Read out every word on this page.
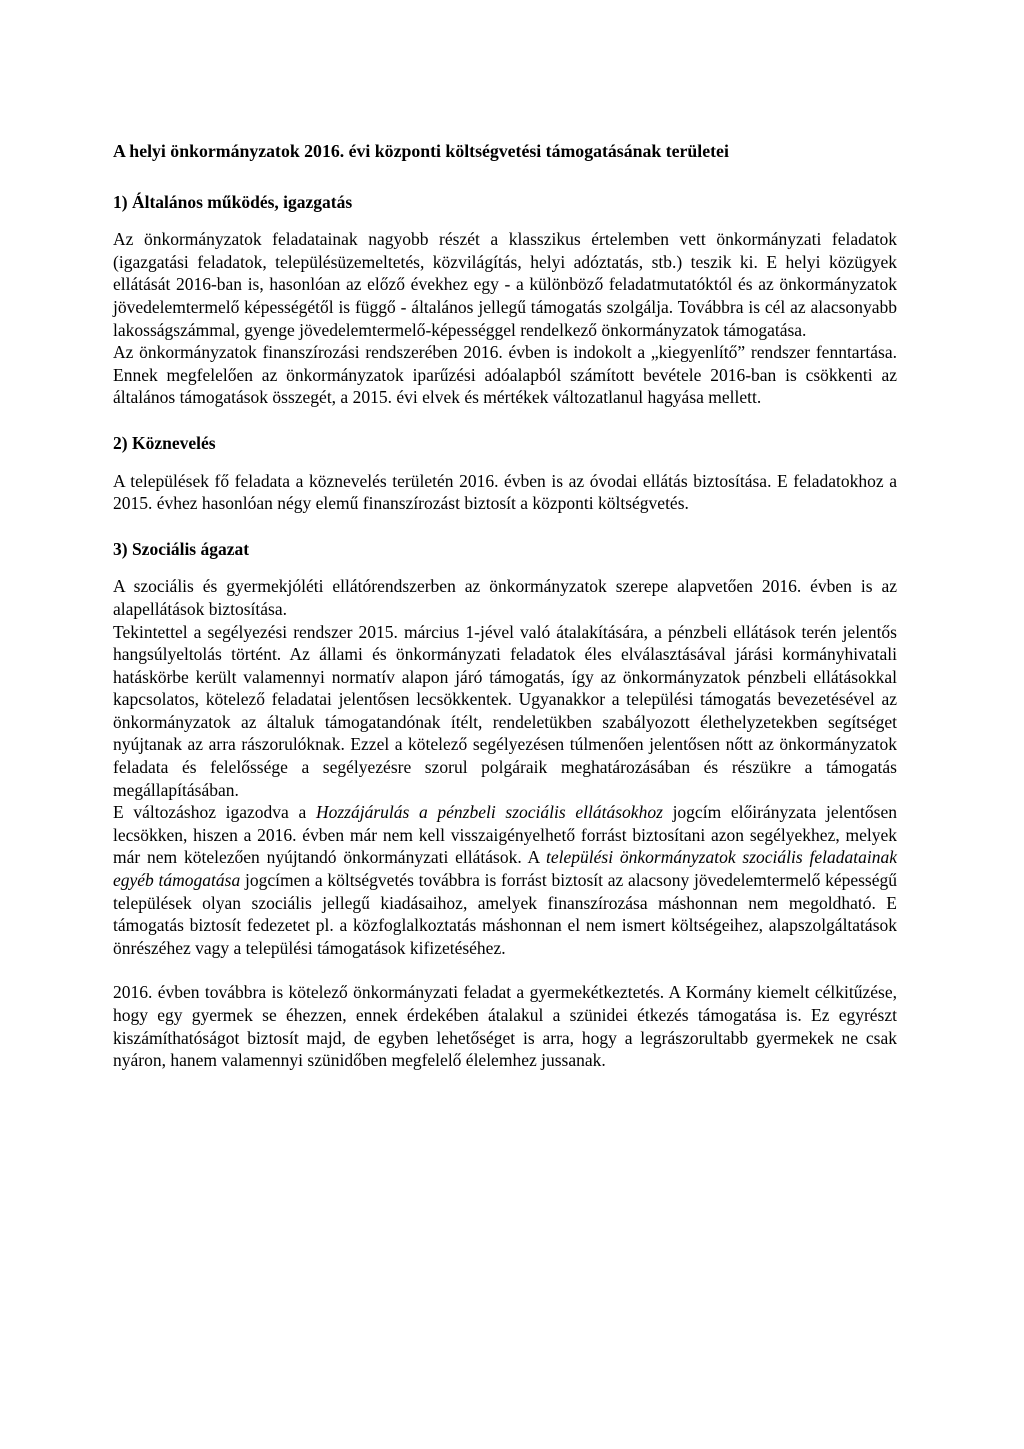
A helyi önkormányzatok 2016. évi központi költségvetési támogatásának területei
1) Általános működés, igazgatás

Az önkormányzatok feladatainak nagyobb részét a klasszikus értelemben vett önkormányzati feladatok (igazgatási feladatok, településüzemeltetés, közvilágítás, helyi adóztatás, stb.) teszik ki. E helyi közügyek ellátását 2016-ban is, hasonlóan az előző évekhez egy - a különböző feladatmutatóktól és az önkormányzatok jövedelemtermelő képességétől is függő - általános jellegű támogatás szolgálja. Továbbra is cél az alacsonyabb lakosságszámmal, gyenge jövedelemtermelő-képességgel rendelkező önkormányzatok támogatása.

Az önkormányzatok finanszírozási rendszerében 2016. évben is indokolt a „kiegyenlítő” rendszer fenntartása. Ennek megfelelően az önkormányzatok iparűzési adóalapból számított bevétele 2016-ban is csökkenti az általános támogatások összegét, a 2015. évi elvek és mértékek változatlanul hagyása mellett.

2) Köznevelés

A települések fő feladata a köznevelés területén 2016. évben is az óvodai ellátás biztosítása. E feladatokhoz a 2015. évhez hasonlóan négy elemű finanszírozást biztosít a központi költségvetés.

3) Szociális ágazat

A szociális és gyermekjóléti ellátórendszerben az önkormányzatok szerepe alapvetően 2016. évben is az alapellátások biztosítása.

Tekintettel a segélyezési rendszer 2015. március 1-jével való átalakítására, a pénzbeli ellátások terén jelentős hangsúlyeltolás történt. Az állami és önkormányzati feladatok éles elválasztásával járási kormányhivatali hatáskörbe került valamennyi normatív alapon járó támogatás, így az önkormányzatok pénzbeli ellátásokkal kapcsolatos, kötelező feladatai jelentősen lecsökkentek. Ugyanakkor a települési támogatás bevezetésével az önkormányzatok az általuk támogatandónak ítélt, rendeletükben szabályozott élethelyzetekben segítséget nyújtanak az arra rászorulóknak. Ezzel a kötelező segélyezésen túlmenően jelentősen nőtt az önkormányzatok feladata és felelőssége a segélyezésre szorul polgáraik meghatározásában és részükre a támogatás megállapításában.

E változáshoz igazodva a Hozzájárulás a pénzbeli szociális ellátásokhoz jogcím előirányzata jelentősen lecsökken, hiszen a 2016. évben már nem kell visszaigényelhető forrást biztosítani azon segélyekhez, melyek már nem kötelezően nyújtandó önkormányzati ellátások. A települési önkormányzatok szociális feladatainak egyéb támogatása jogcímen a költségvetés továbbra is forrást biztosít az alacsony jövedelemtermelő képességű települések olyan szociális jellegű kiadásaihoz, amelyek finanszírozása máshonnan nem megoldható. E támogatás biztosít fedezetet pl. a közfoglalkoztatás máshonnan el nem ismert költségeihez, alapszolgáltatások önrészéhez vagy a települési támogatások kifizetéséhez.

2016. évben továbbra is kötelező önkormányzati feladat a gyermekétkeztetés. A Kormány kiemelt célkitűzése, hogy egy gyermek se éhezzen, ennek érdekében átalakul a szünidei étkezés támogatása is. Ez egyrészt kiszámíthatóságot biztosít majd, de egyben lehetőséget is arra, hogy a legrászorultabb gyermekek ne csak nyáron, hanem valamennyi szünidőben megfelelő élelemhez jussanak.
